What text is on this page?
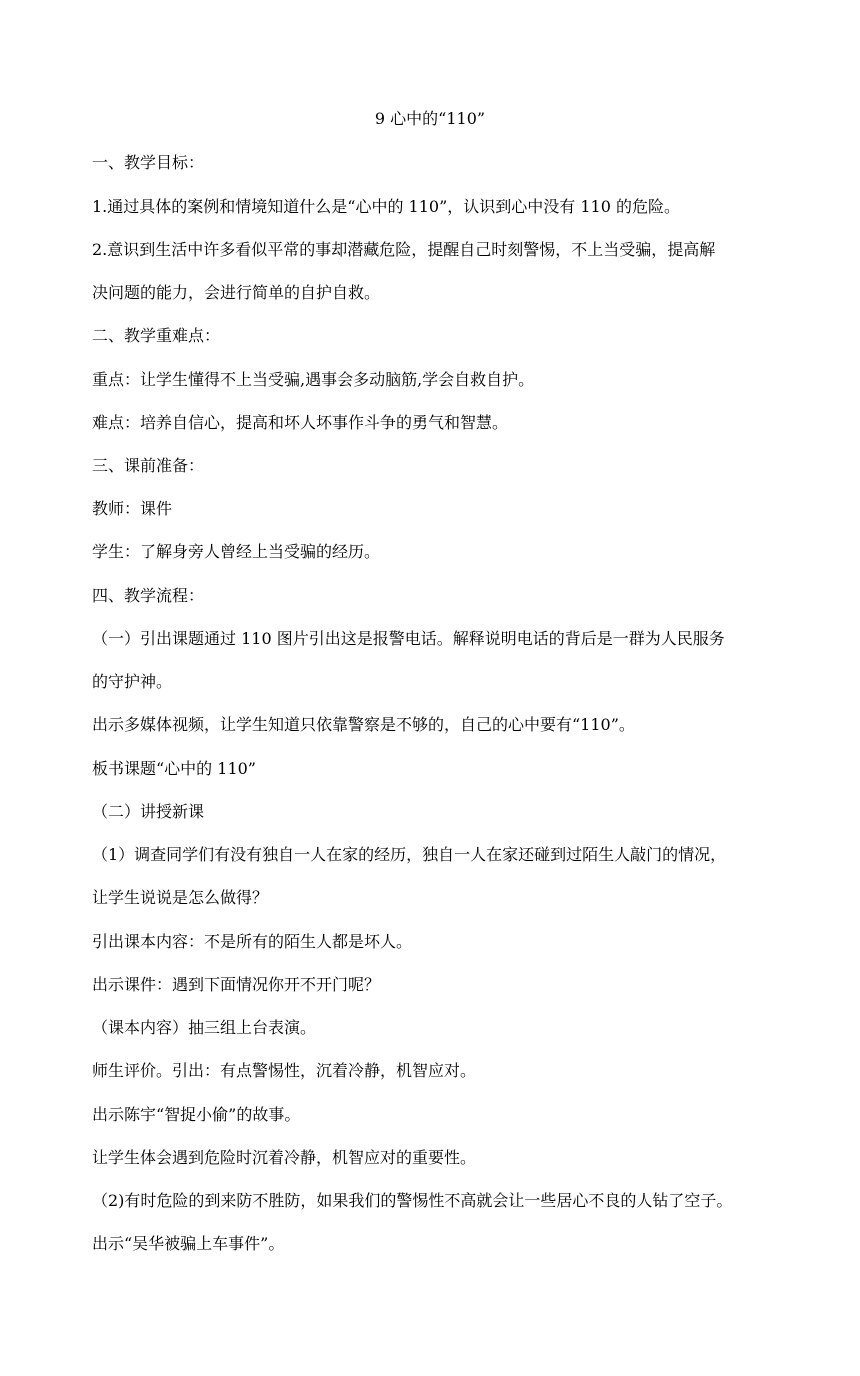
9 心中的“110”
一、教学目标：
1.通过具体的案例和情境知道什么是“心中的 110”，认识到心中没有 110 的危险。
2.意识到生活中许多看似平常的事却潜藏危险，提醒自己时刻警惕，不上当受骗，提高解
决问题的能力，会进行简单的自护自救。
二、教学重难点：
重点：让学生懂得不上当受骗,遇事会多动脑筋,学会自救自护。
难点：培养自信心，提高和坏人坏事作斗争的勇气和智慧。
三、课前准备：
教师：课件
学生：了解身旁人曾经上当受骗的经历。
四、教学流程：
（一）引出课题通过 110 图片引出这是报警电话。解释说明电话的背后是一群为人民服务
的守护神。
出示多媒体视频，让学生知道只依靠警察是不够的，自己的心中要有“110”。
板书课题“心中的 110”
（二）讲授新课
（1）调查同学们有没有独自一人在家的经历，独自一人在家还碰到过陌生人敲门的情况，
让学生说说是怎么做得？
引出课本内容：不是所有的陌生人都是坏人。
出示课件：遇到下面情况你开不开门呢？
（课本内容）抽三组上台表演。
师生评价。引出：有点警惕性，沉着冷静，机智应对。
出示陈宇“智捉小偷”的故事。
让学生体会遇到危险时沉着冷静，机智应对的重要性。
（2)有时危险的到来防不胜防，如果我们的警惕性不高就会让一些居心不良的人钻了空子。
出示“吴华被骗上车事件”。
